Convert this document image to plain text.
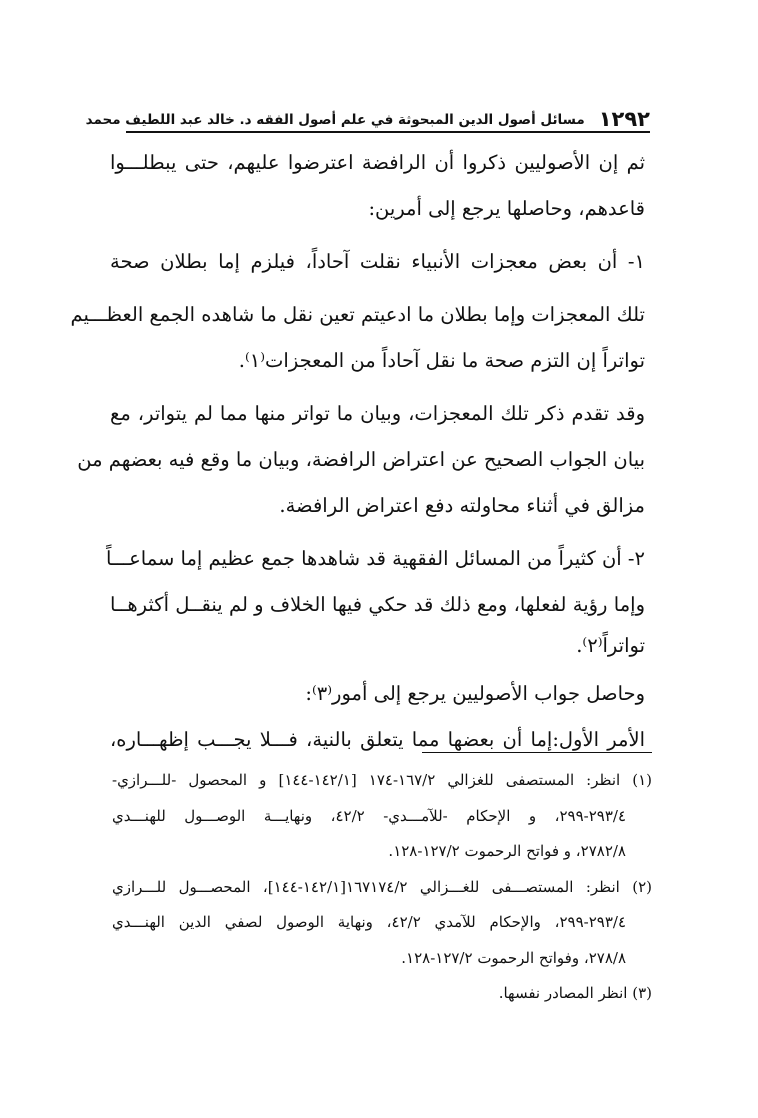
١٢٩٢
مسائل أصول الدين المبحوثة في علم أصول الفقه د. خالد عبد اللطيف محمد
ثم إن الأصوليين ذكروا أن الرافضة اعترضوا عليهم، حتى يبطلـــوا
قاعدهم، وحاصلها يرجع إلى أمرين:
١- أن بعض معجزات الأنبياء نقلت آحاداً، فيلزم إما بطلان صحة
تلك المعجزات وإما بطلان ما ادعيتم تعين نقل ما شاهده الجمع العظـــيم
تواتراً إن التزم صحة ما نقل آحاداً من المعجزات⁽١⁾.
وقد تقدم ذكر تلك المعجزات، وبيان ما تواتر منها مما لم يتواتر، مع
بيان الجواب الصحيح عن اعتراض الرافضة، وبيان ما وقع فيه بعضهم من
مزالق في أثناء محاولته دفع اعتراض الرافضة.
٢- أن كثيراً من المسائل الفقهية قد شاهدها جمع عظيم إما سماعـــاً
وإما رؤية لفعلها، ومع ذلك قد حكي فيها الخلاف و لم ينقــل أكثرهــا
تواتراً⁽٢⁾.
وحاصل جواب الأصوليين يرجع إلى أمور⁽٣⁾:
الأمر الأول:إما أن بعضها مما يتعلق بالنية، فـــلا يجـــب إظهـــاره،
(١) انظر: المستصفى للغزالي ١٦٧/٢-١٧٤ [١٤٢/١-١٤٤] و المحصول -للـــرازي-
٢٩٣/٤-٢٩٩، و الإحكام -للآمـــدي- ٤٢/٢، ونهايـــة الوصـــول للهنـــدي
٢٧٨٢/٨، و فواتح الرحموت ١٢٧/٢-١٢٨.
(٢) انظر: المستصـــفى للغـــزالي ١٦٧١٧٤/٢[١٤٢/١-١٤٤]، المحصـــول للـــرازي
٢٩٣/٤-٢٩٩، والإحكام للآمدي ٤٢/٢، ونهاية الوصول لصفي الدين الهنـــدي
٢٧٨/٨، وفواتح الرحموت ١٢٧/٢-١٢٨.
(٣) انظر المصادر نفسها.
